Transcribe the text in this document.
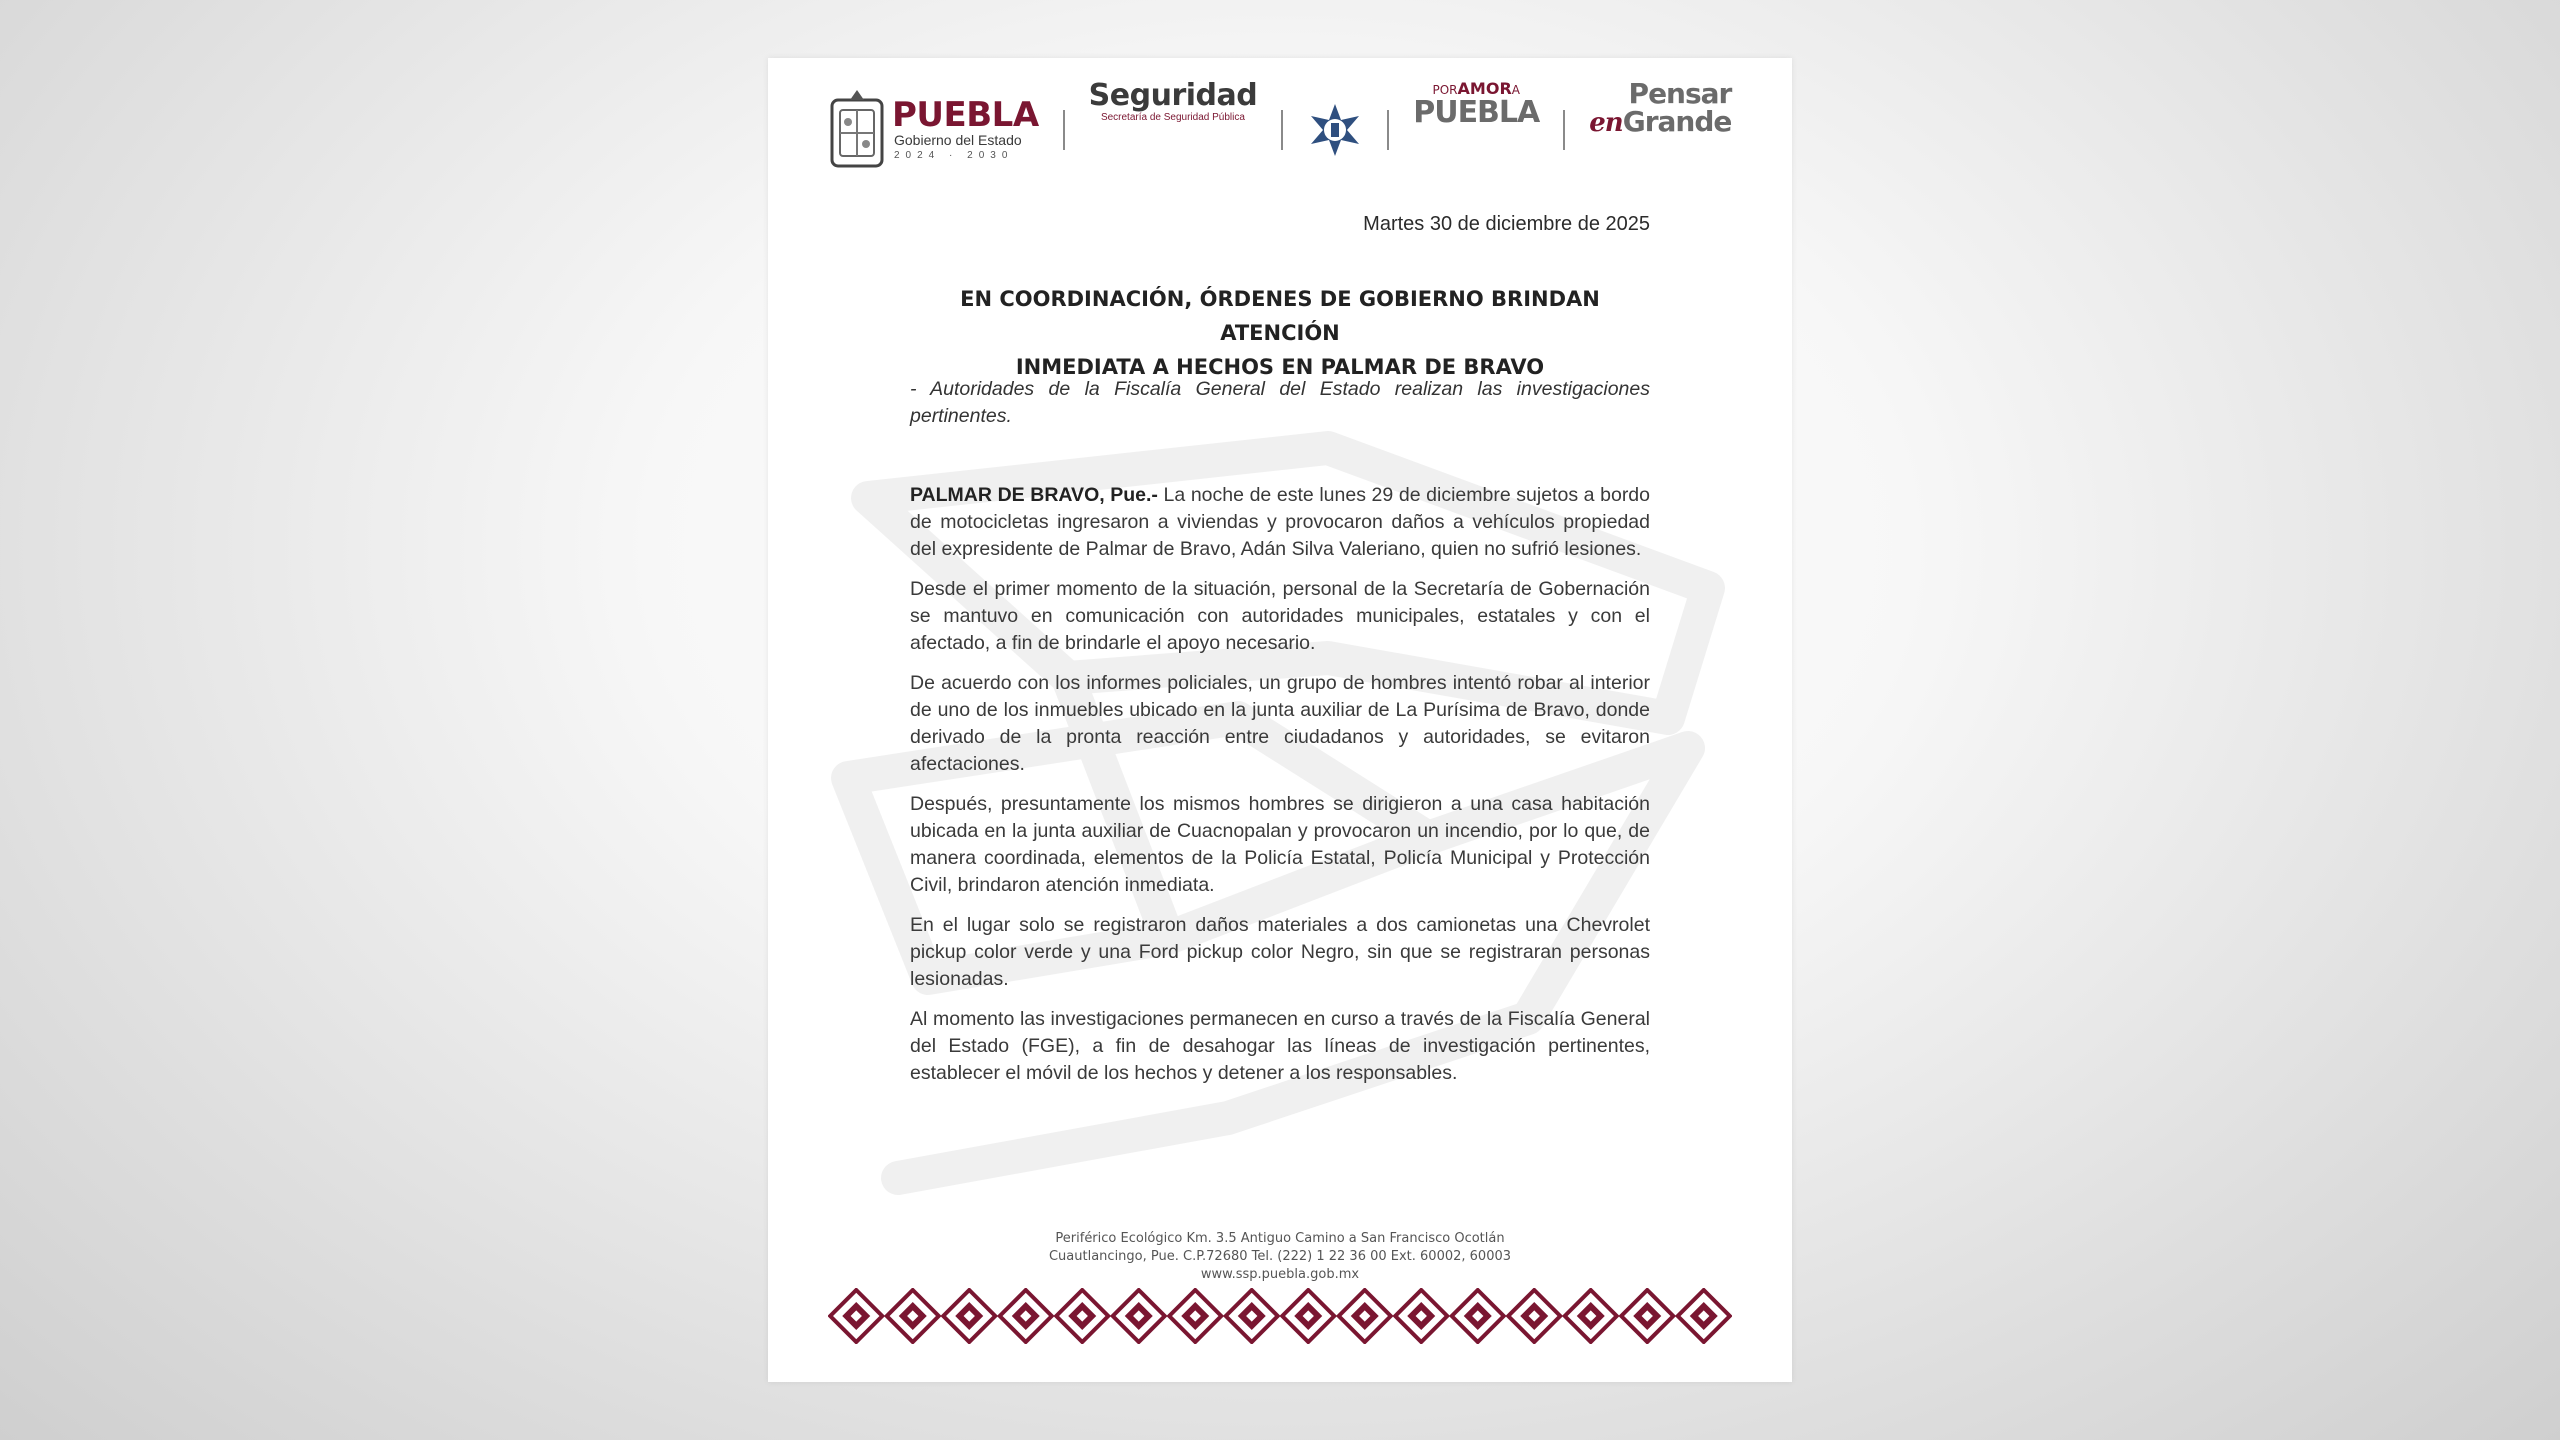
PUEBLA
Gobierno del Estado
2024 · 2030
Seguridad
Secretaría de Seguridad Pública
PORAMORA
PUEBLA
Pensar
enGrande
Martes 30 de diciembre de 2025
EN COORDINACIÓN, ÓRDENES DE GOBIERNO BRINDAN ATENCIÓN
INMEDIATA A HECHOS EN PALMAR DE BRAVO
- Autoridades de la Fiscalía General del Estado realizan las investigaciones pertinentes.

PALMAR DE BRAVO, Pue.- La noche de este lunes 29 de diciembre sujetos a bordo de motocicletas ingresaron a viviendas y provocaron daños a vehículos propiedad del expresidente de Palmar de Bravo, Adán Silva Valeriano, quien no sufrió lesiones.

Desde el primer momento de la situación, personal de la Secretaría de Gobernación se mantuvo en comunicación con autoridades municipales, estatales y con el afectado, a fin de brindarle el apoyo necesario.

De acuerdo con los informes policiales, un grupo de hombres intentó robar al interior de uno de los inmuebles ubicado en la junta auxiliar de La Purísima de Bravo, donde derivado de la pronta reacción entre ciudadanos y autoridades, se evitaron afectaciones.

Después, presuntamente los mismos hombres se dirigieron a una casa habitación ubicada en la junta auxiliar de Cuacnopalan y provocaron un incendio, por lo que, de manera coordinada, elementos de la Policía Estatal, Policía Municipal y Protección Civil, brindaron atención inmediata.

En el lugar solo se registraron daños materiales a dos camionetas una Chevrolet pickup color verde y una Ford pickup color Negro, sin que se registraran personas lesionadas.

Al momento las investigaciones permanecen en curso a través de la Fiscalía General del Estado (FGE), a fin de desahogar las líneas de investigación pertinentes, establecer el móvil de los hechos y detener a los responsables.

Periférico Ecológico Km. 3.5 Antiguo Camino a San Francisco Ocotlán
Cuautlancingo, Pue. C.P.72680 Tel. (222) 1 22 36 00 Ext. 60002, 60003
www.ssp.puebla.gob.mx
